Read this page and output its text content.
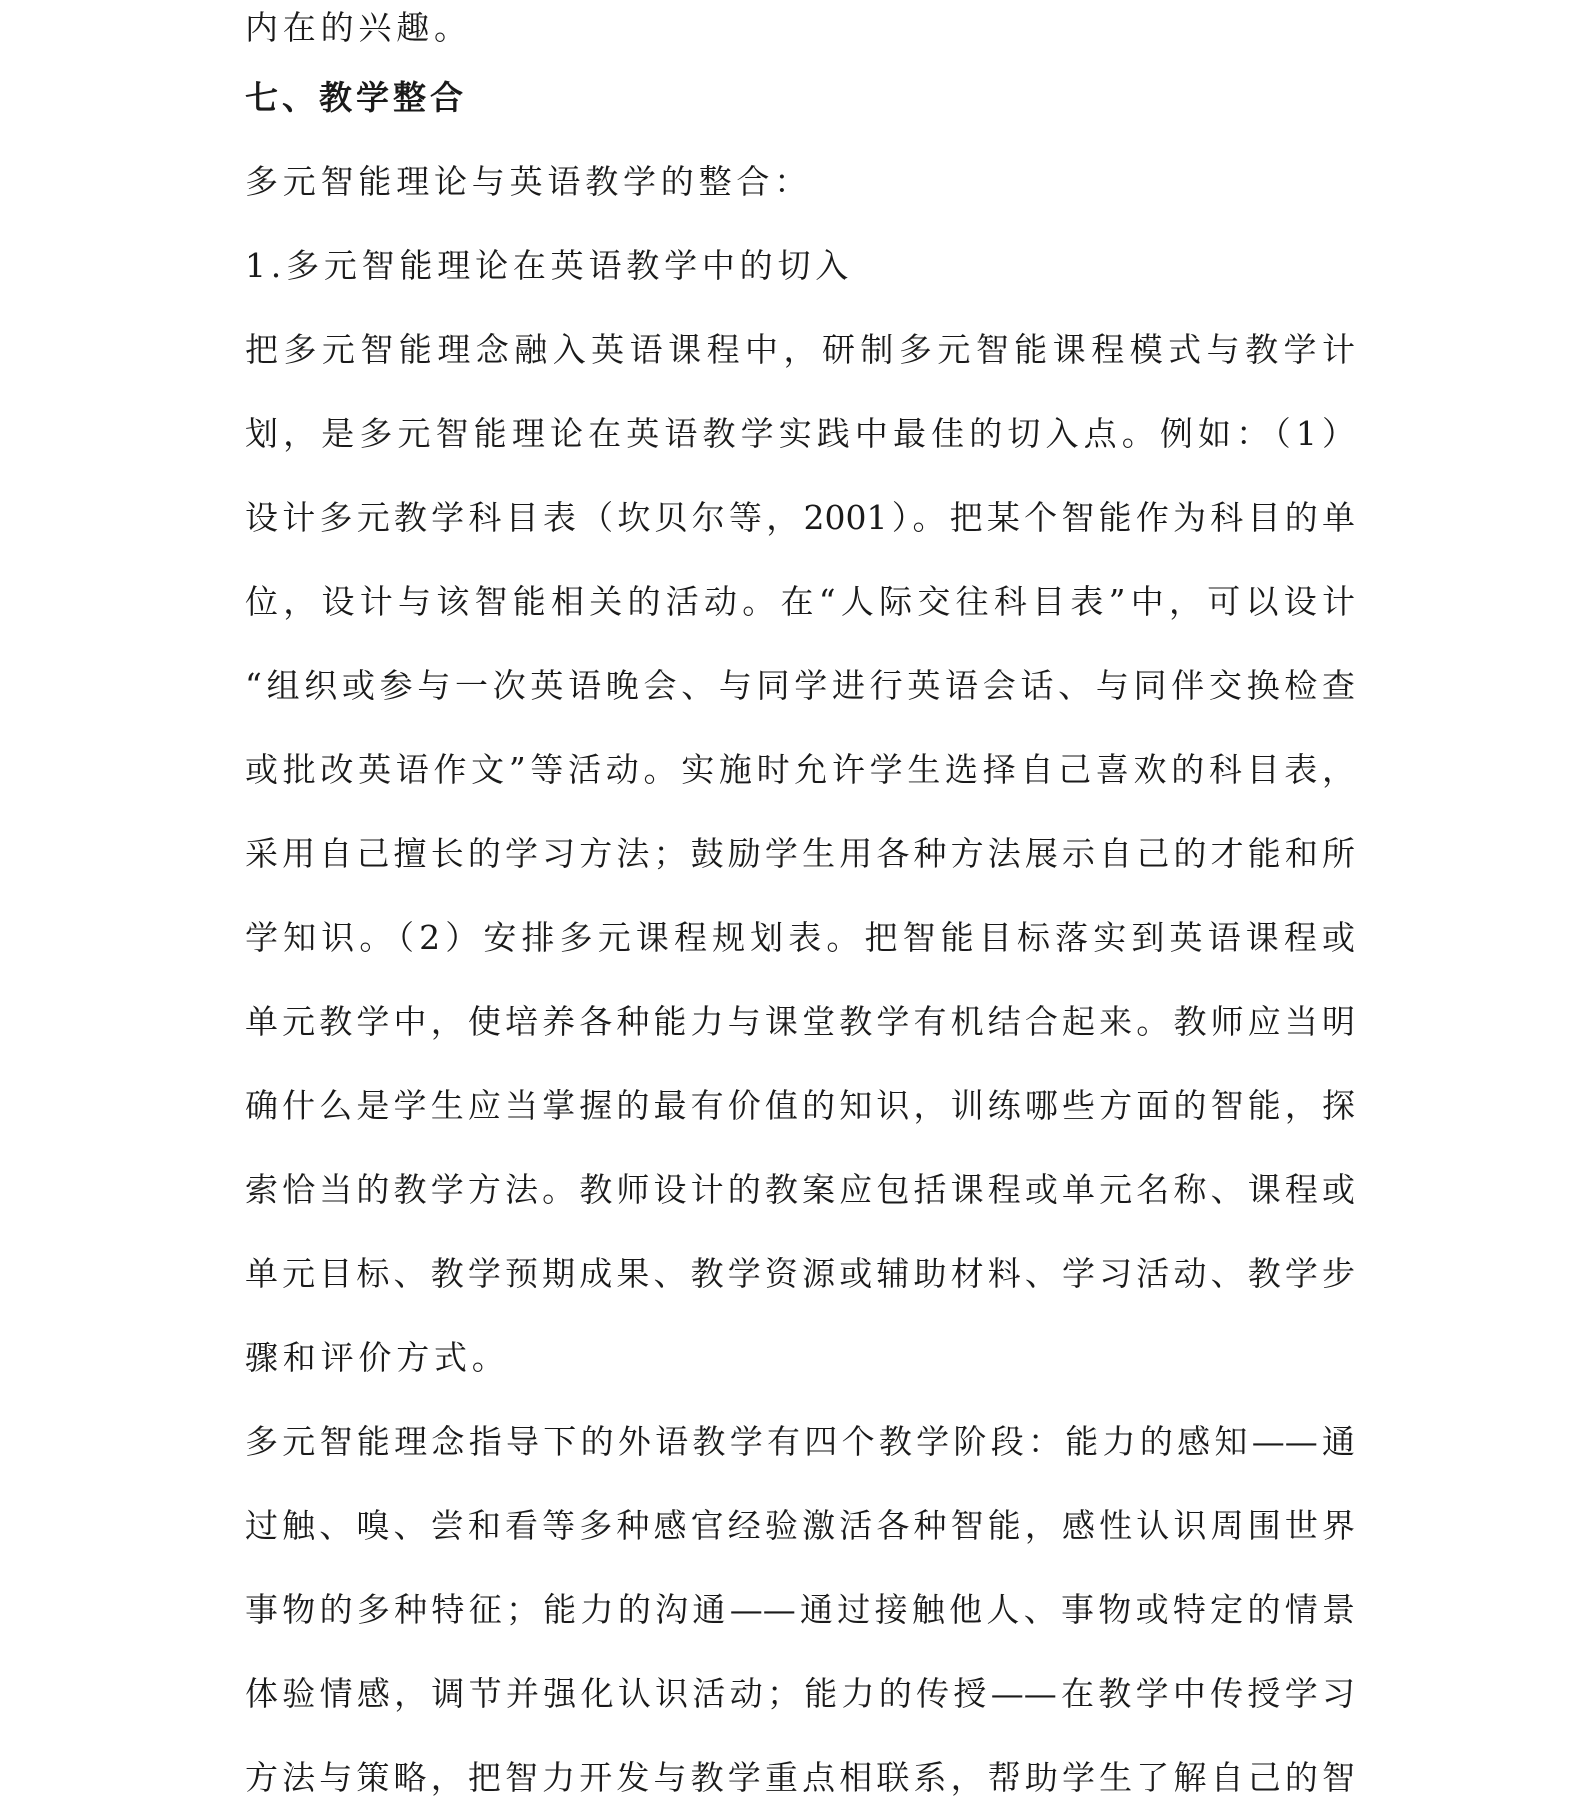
内在的兴趣。
七、教学整合
多元智能理论与英语教学的整合：
1.多元智能理论在英语教学中的切入
把多元智能理念融入英语课程中，研制多元智能课程模式与教学计
划，是多元智能理论在英语教学实践中最佳的切入点。例如：（1）
设计多元教学科目表（坎贝尔等，2001）。把某个智能作为科目的单
位，设计与该智能相关的活动。在“人际交往科目表”中，可以设计
“组织或参与一次英语晚会、与同学进行英语会话、与同伴交换检查
或批改英语作文”等活动。实施时允许学生选择自己喜欢的科目表，
采用自己擅长的学习方法；鼓励学生用各种方法展示自己的才能和所
学知识。（2）安排多元课程规划表。把智能目标落实到英语课程或
单元教学中，使培养各种能力与课堂教学有机结合起来。教师应当明
确什么是学生应当掌握的最有价值的知识，训练哪些方面的智能，探
索恰当的教学方法。教师设计的教案应包括课程或单元名称、课程或
单元目标、教学预期成果、教学资源或辅助材料、学习活动、教学步
骤和评价方式。
多元智能理念指导下的外语教学有四个教学阶段：能力的感知——通
过触、嗅、尝和看等多种感官经验激活各种智能，感性认识周围世界
事物的多种特征；能力的沟通——通过接触他人、事物或特定的情景
体验情感，调节并强化认识活动；能力的传授——在教学中传授学习
方法与策略，把智力开发与教学重点相联系，帮助学生了解自己的智
